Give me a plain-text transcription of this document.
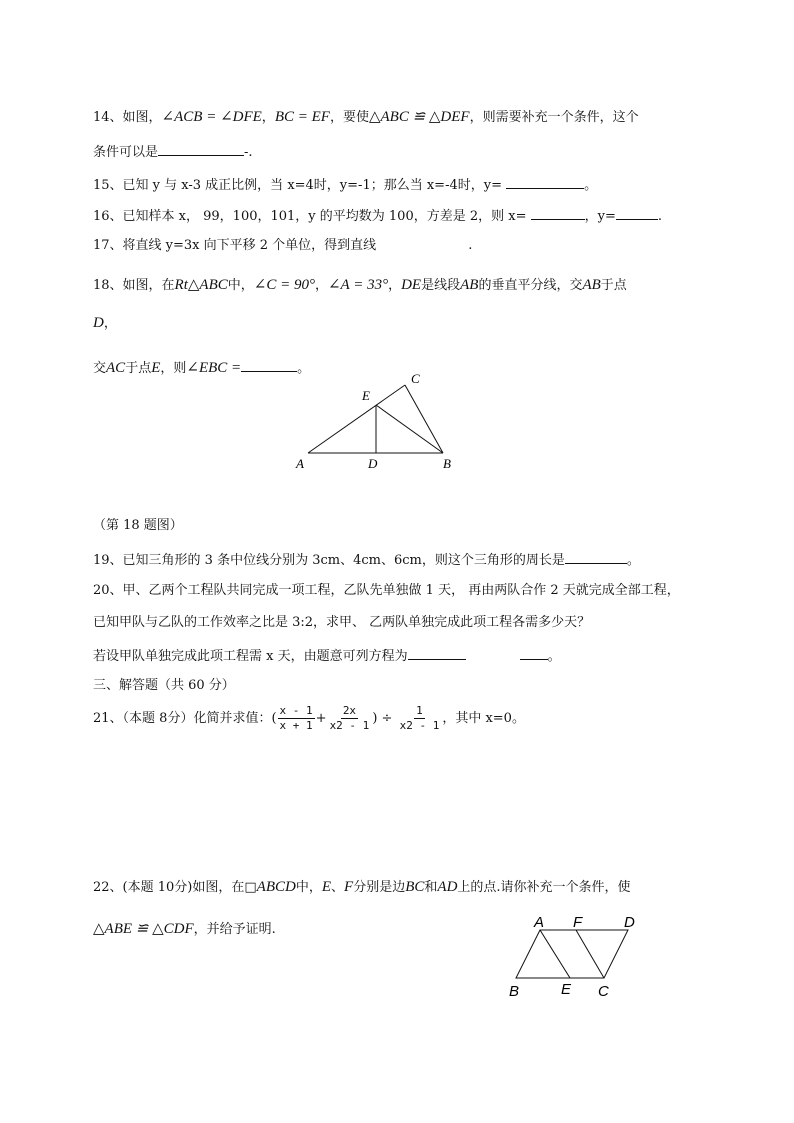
14、如图，∠ACB = ∠DFE，BC = EF，要使△ABC ≌ △DEF，则需要补充一个条件，这个
条件可以是	-.
15、已知 y 与 x-3 成正比例，当 x=4时，y=-1；那么当 x=-4时，y=	。
16、已知样本 x， 99，100，101，y 的平均数为 100，方差是 2，则 x=	，y=	.
17、将直线 y=3x 向下平移 2 个单位，得到直线	.
18、如图，在Rt△ABC中，∠C = 90°，∠A = 33°，DE是线段AB的垂直平分线，交AB于点
D，
交AC于点E，则∠EBC =	。
A	D	B
E
C
（第 18 题图）
19、已知三角形的 3 条中位线分别为 3cm、4cm、6cm，则这个三角形的周长是	。
20、甲、乙两个工程队共同完成一项工程，乙队先单独做 1 天， 再由两队合作 2 天就完成全部工程，
已知甲队与乙队的工作效率之比是 3:2，求甲、 乙两队单独完成此项工程各需多少天？
若设甲队单独完成此项工程需 x 天，由题意可列方程为	。
三、解答题（共 60 分）
21、（本题 8分）化简并求值：( $\frac{x - 1}{x + 1} + \frac{2x}{x2 - 1}$ ) ÷ $\frac{1}{x2 - 1}$ ，其中 x=0。
22、(本题 10分)如图，在□ABCD中，E、F分别是边BC和AD上的点.请你补充一个条件，使
△ABE ≌ △CDF，并给予证明.	A F	D
B	E C
